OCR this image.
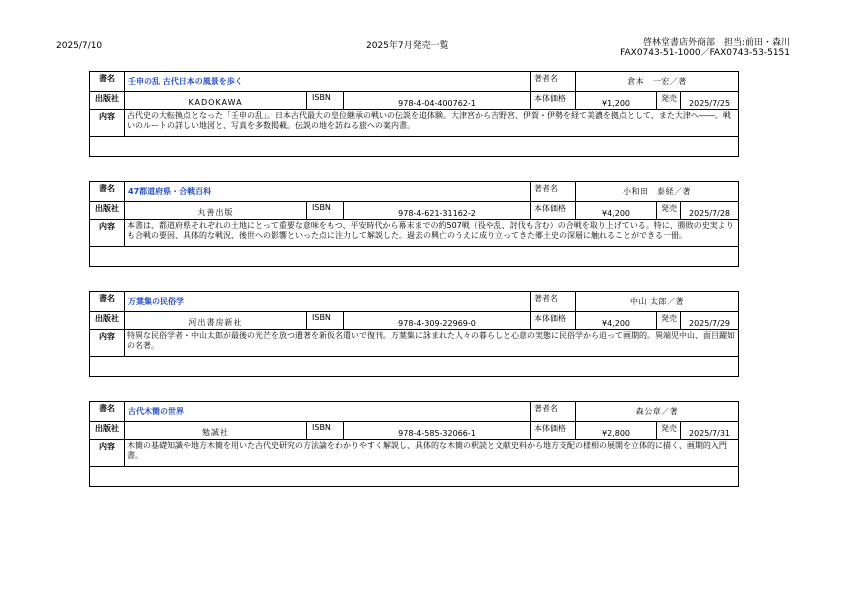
2025/7/10	2025年7月発売一覧	啓林堂書店外商部　担当:前田・森川
FAX0743-51-1000／FAX0743-53-5151
書名	壬申の乱 古代日本の風景を歩く			著者名	倉本　一宏／著		
出版社	KADOKAWA	ISBN	978-4-04-400762-1	本体価格	¥1,200	発売	2025/7/25
内容	古代史の大転換点となった「壬申の乱」。日本古代最大の皇位継承の戦いの伝説を追体験。大津宮から吉野宮、伊賀・伊勢を経て美濃を拠点として、また大津へ――。戦いのルートの詳しい地図と、写真を多数掲載。伝説の地を訪ねる旅への案内書。						

書名	47都道府県・合戦百科			著者名	小和田　泰経／著		
出版社	丸善出版	ISBN	978-4-621-31162-2	本体価格	¥4,200	発売	2025/7/28
内容	本書は、都道府県それぞれの土地にとって重要な意味をもつ、平安時代から幕末までの約507戦（役や乱、討伐も含む）の合戦を取り上げている。特に、勝敗の史実よりも合戦の要因、具体的な戦況、後世への影響といった点に注力して解説した。過去の興亡のうえに成り立ってきた郷土史の深層に触れることができる一冊。						

書名	万葉集の民俗学			著者名	中山 太郎／著		
出版社	河出書房新社	ISBN	978-4-309-22969-0	本体価格	¥4,200	発売	2025/7/29
内容	特異な民俗学者・中山太郎が最後の光芒を放つ遺著を新仮名遣いで復刊。万葉集に詠まれた人々の暮らしと心意の実態に民俗学から迫って画期的。異端児中山、面目躍如の名著。						

書名	古代木簡の世界			著者名	森公章／著		
出版社	勉誠社	ISBN	978-4-585-32066-1	本体価格	¥2,800	発売	2025/7/31
内容	木簡の基礎知識や地方木簡を用いた古代史研究の方法論をわかりやすく解説し、具体的な木簡の釈読と文献史料から地方支配の様相の展開を立体的に描く、画期的入門書。						
